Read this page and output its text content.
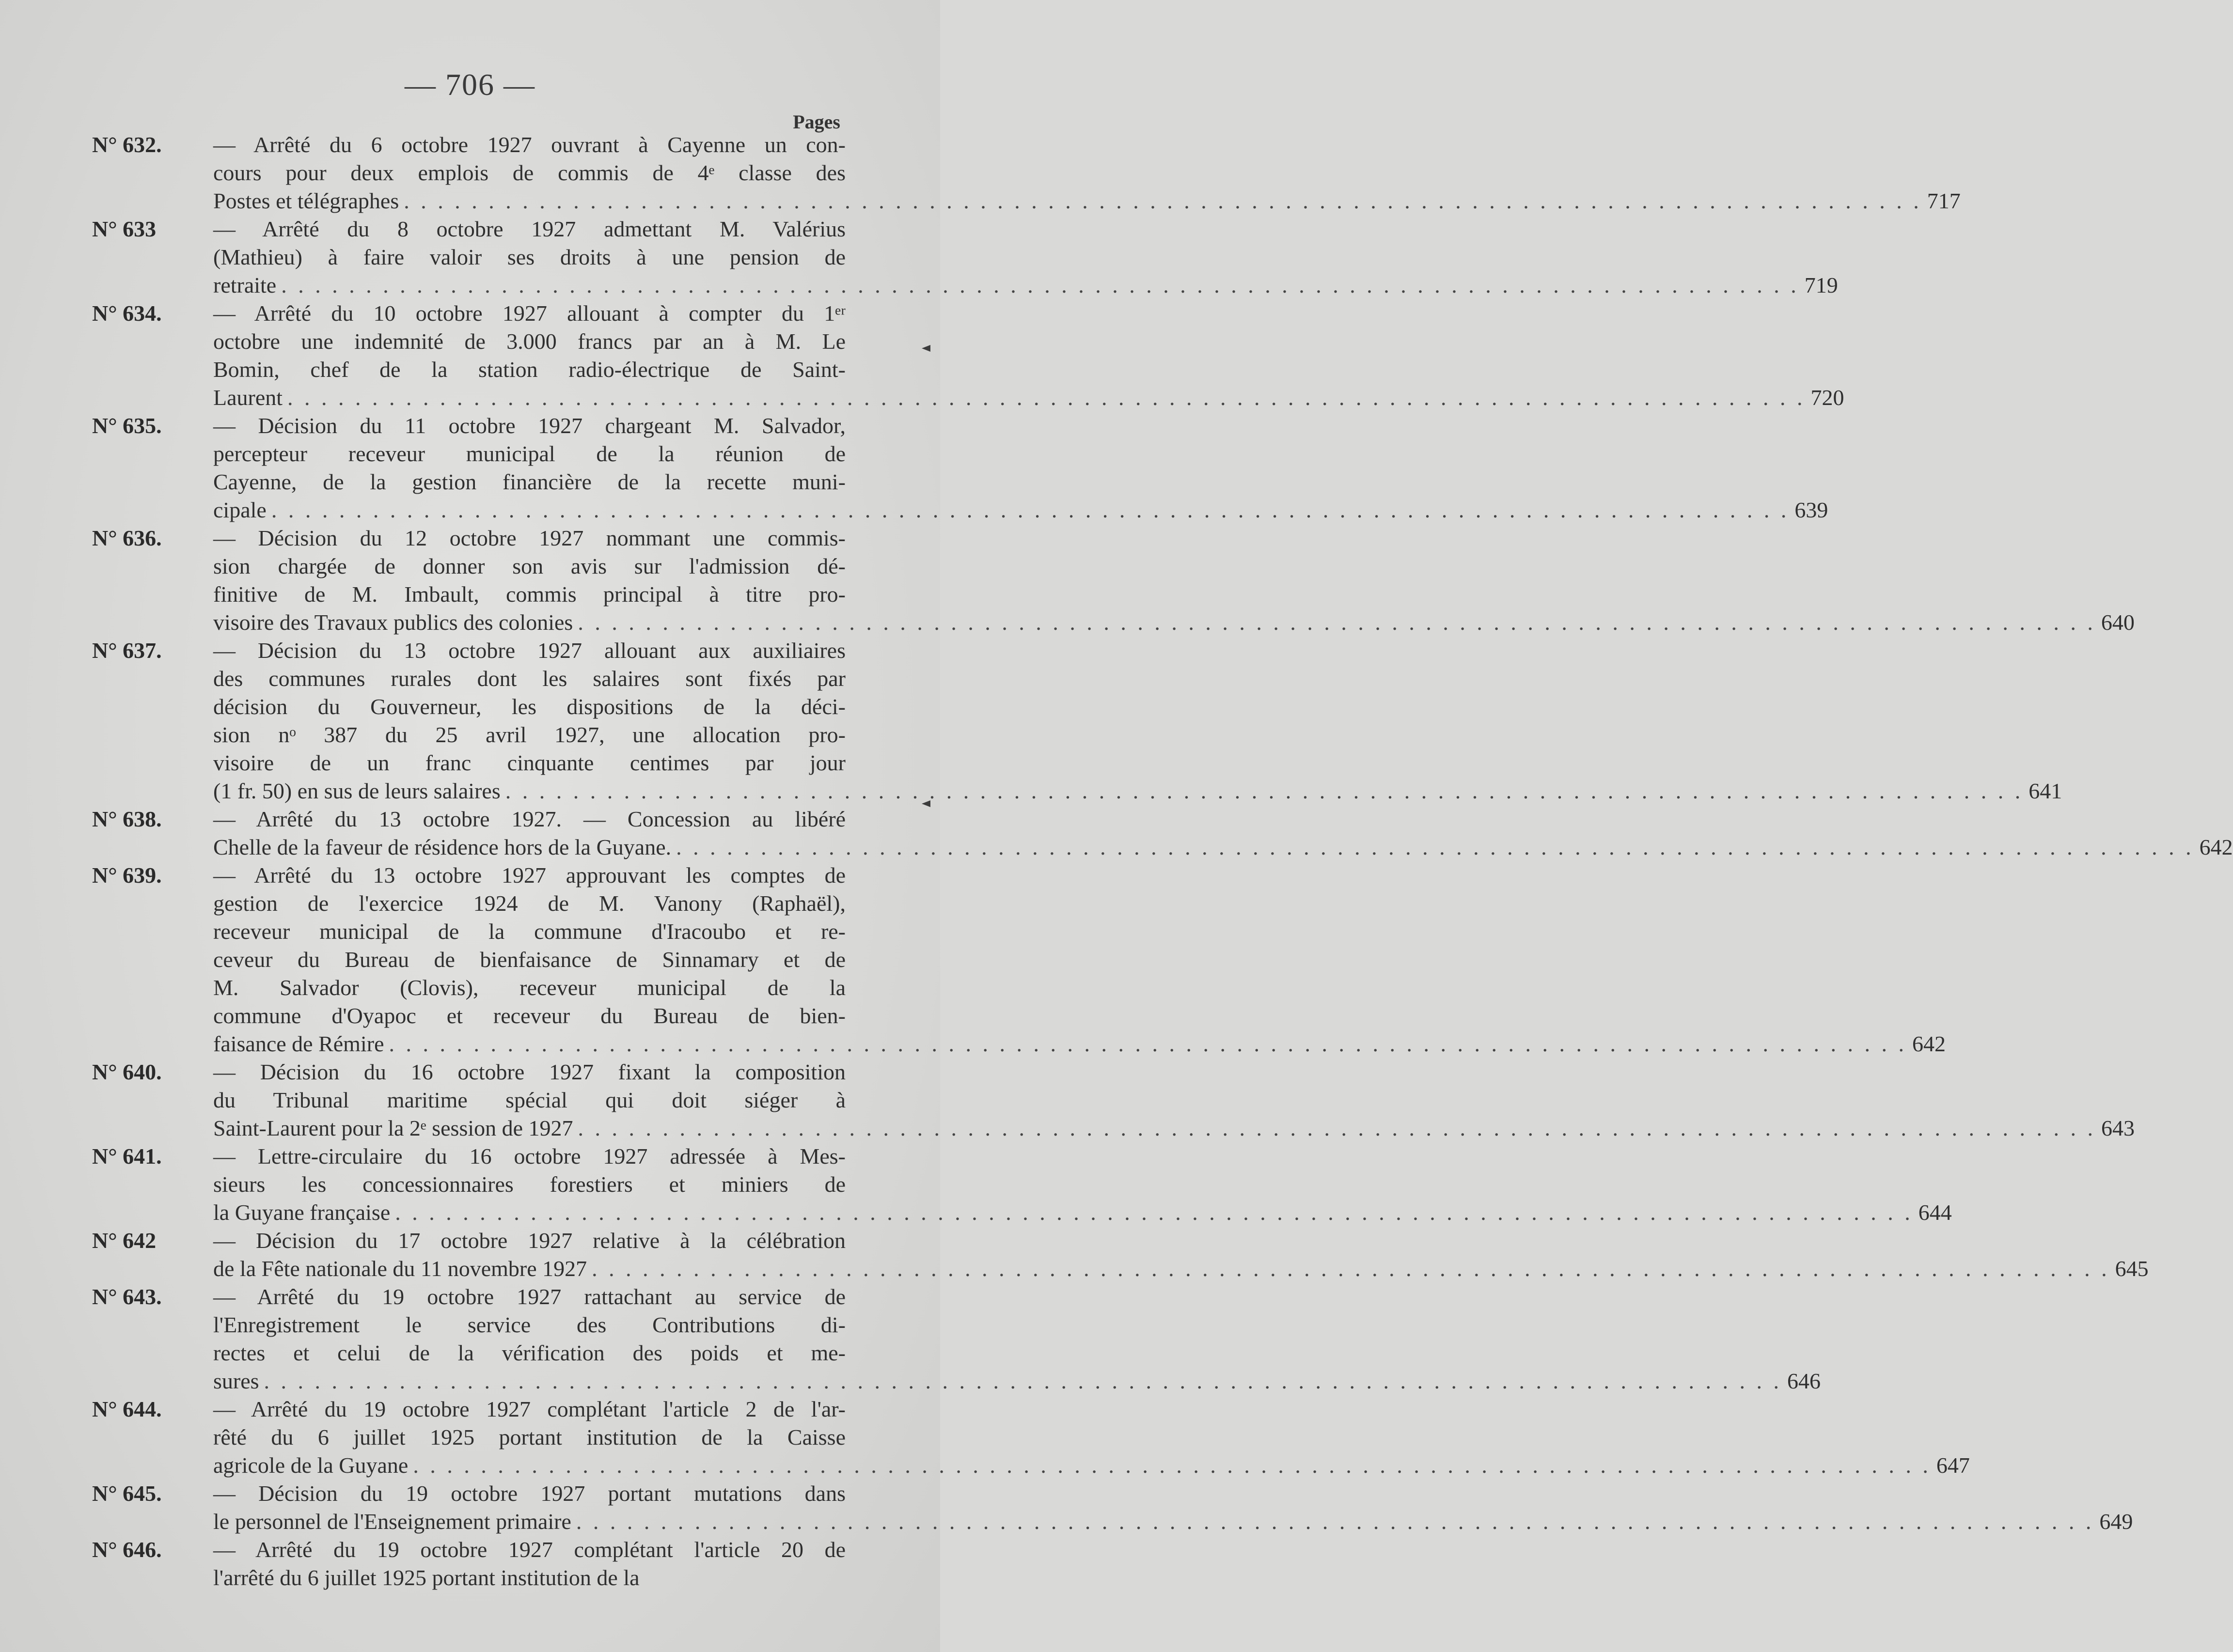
— 706 —
Pages
N° 632. — Arrêté du 6 octobre 1927 ouvrant à Cayenne un con-
cours pour deux emplois de commis de 4ᵉ classe des
Postes et télégraphes . . . . . . . . . . . . . . . . . . . . . . . . . . . . . . . . . . . . . . . . . . . . . . . . . . . . . . . . . . . . . . . . . . . . . . . . . . . . . . . . . . . . . . . . . . 717
N° 633	— Arrêté du 8 octobre 1927 admettant M. Valérius
(Mathieu) à faire valoir ses droits à une pension de
retraite . . . . . . . . . . . . . . . . . . . . . . . . . . . . . . . . . . . . . . . . . . . . . . . . . . . . . . . . . . . . . . . . . . . . . . . . . . . . . . . . . . . . . . . . . . 719
N° 634. — Arrêté du 10 octobre 1927 allouant à compter du 1ᵉʳ
octobre une indemnité de 3.000 francs par an à M. Le
Bomin, chef de la station radio-électrique de Saint-
Laurent . . . . . . . . . . . . . . . . . . . . . . . . . . . . . . . . . . . . . . . . . . . . . . . . . . . . . . . . . . . . . . . . . . . . . . . . . . . . . . . . . . . . . . . . . . 720
N° 635. — Décision du 11 octobre 1927 chargeant M. Salvador,
percepteur receveur municipal de la réunion de
Cayenne, de la gestion financière de la recette muni-
cipale . . . . . . . . . . . . . . . . . . . . . . . . . . . . . . . . . . . . . . . . . . . . . . . . . . . . . . . . . . . . . . . . . . . . . . . . . . . . . . . . . . . . . . . . . . 639
N° 636. — Décision du 12 octobre 1927 nommant une commis-
sion chargée de donner son avis sur l'admission dé-
finitive de M. Imbault, commis principal à titre pro-
visoire des Travaux publics des colonies . . . . . . . . . . . . . . . . . . . . . . . . . . . . . . . . . . . . . . . . . . . . . . . . . . . . . . . . . . . . . . . . . . . . . . . . . . . . . . . . . . . . . . . . . . 640
N° 637. — Décision du 13 octobre 1927 allouant aux auxiliaires
des communes rurales dont les salaires sont fixés par
décision du Gouverneur, les dispositions de la déci-
sion nᵒ 387 du 25 avril 1927, une allocation pro-
visoire de un franc cinquante centimes par jour
(1 fr. 50) en sus de leurs salaires . . . . . . . . . . . . . . . . . . . . . . . . . . . . . . . . . . . . . . . . . . . . . . . . . . . . . . . . . . . . . . . . . . . . . . . . . . . . . . . . . . . . . . . . . . 641
N° 638. — Arrêté du 13 octobre 1927. — Concession au libéré
Chelle de la faveur de résidence hors de la Guyane. . . . . . . . . . . . . . . . . . . . . . . . . . . . . . . . . . . . . . . . . . . . . . . . . . . . . . . . . . . . . . . . . . . . . . . . . . . . . . . . . . . . . . . . . . . 642
N° 639. — Arrêté du 13 octobre 1927 approuvant les comptes de
gestion de l'exercice 1924 de M. Vanony (Raphaël),
receveur municipal de la commune d'Iracoubo et re-
ceveur du Bureau de bienfaisance de Sinnamary et de
M. Salvador (Clovis), receveur municipal de la
commune d'Oyapoc et receveur du Bureau de bien-
faisance de Rémire . . . . . . . . . . . . . . . . . . . . . . . . . . . . . . . . . . . . . . . . . . . . . . . . . . . . . . . . . . . . . . . . . . . . . . . . . . . . . . . . . . . . . . . . . . 642
N° 640. — Décision du 16 octobre 1927 fixant la composition
du Tribunal maritime spécial qui doit siéger à
Saint-Laurent pour la 2ᵉ session de 1927 . . . . . . . . . . . . . . . . . . . . . . . . . . . . . . . . . . . . . . . . . . . . . . . . . . . . . . . . . . . . . . . . . . . . . . . . . . . . . . . . . . . . . . . . . . 643
N° 641. — Lettre-circulaire du 16 octobre 1927 adressée à Mes-
sieurs les concessionnaires forestiers et miniers de
la Guyane française . . . . . . . . . . . . . . . . . . . . . . . . . . . . . . . . . . . . . . . . . . . . . . . . . . . . . . . . . . . . . . . . . . . . . . . . . . . . . . . . . . . . . . . . . . 644
N° 642	— Décision du 17 octobre 1927 relative à la célébration
de la Fête nationale du 11 novembre 1927 . . . . . . . . . . . . . . . . . . . . . . . . . . . . . . . . . . . . . . . . . . . . . . . . . . . . . . . . . . . . . . . . . . . . . . . . . . . . . . . . . . . . . . . . . . 645
N° 643. — Arrêté du 19 octobre 1927 rattachant au service de
l'Enregistrement le service des Contributions di-
rectes et celui de la vérification des poids et me-
sures . . . . . . . . . . . . . . . . . . . . . . . . . . . . . . . . . . . . . . . . . . . . . . . . . . . . . . . . . . . . . . . . . . . . . . . . . . . . . . . . . . . . . . . . . . 646
N° 644. — Arrêté du 19 octobre 1927 complétant l'article 2 de l'ar-
rêté du 6 juillet 1925 portant institution de la Caisse
agricole de la Guyane . . . . . . . . . . . . . . . . . . . . . . . . . . . . . . . . . . . . . . . . . . . . . . . . . . . . . . . . . . . . . . . . . . . . . . . . . . . . . . . . . . . . . . . . . . 647
N° 645. — Décision du 19 octobre 1927 portant mutations dans
le personnel de l'Enseignement primaire . . . . . . . . . . . . . . . . . . . . . . . . . . . . . . . . . . . . . . . . . . . . . . . . . . . . . . . . . . . . . . . . . . . . . . . . . . . . . . . . . . . . . . . . . . 649
N° 646. — Arrêté du 19 octobre 1927 complétant l'article 20 de
l'arrêté du 6 juillet 1925 portant institution de la
